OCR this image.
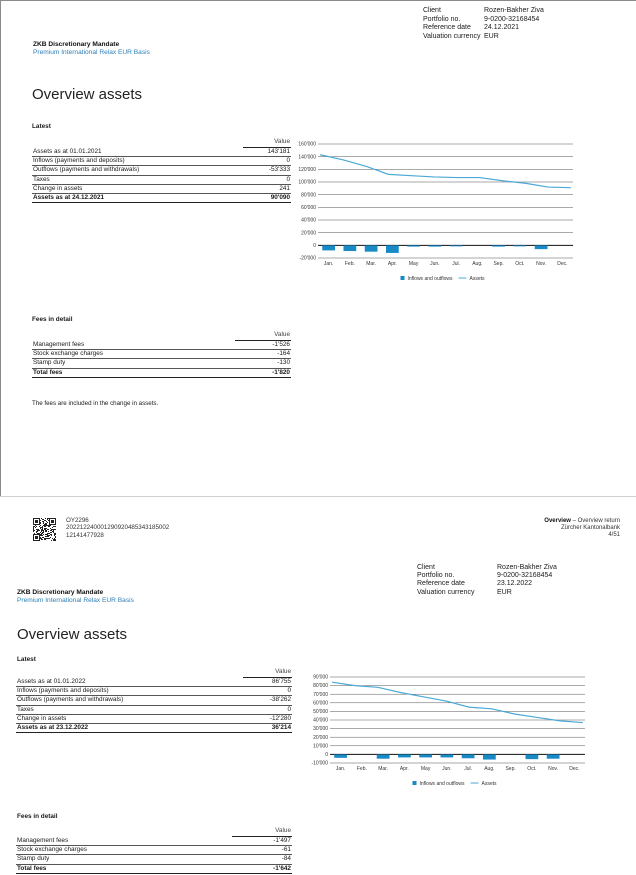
Client	Rozen-Bakher Ziva
Portfolio no.	9-0200-32168454
Reference date 24.12.2021
Valuation currency EUR
ZKB Discretionary Mandate
Premium International Relax EUR Basis
Overview assets
Latest
	Value
Assets as at 01.01.2021	143'181
Inflows (payments and deposits)	0
Outflows (payments and withdrawals)	-53'333
Taxes	0
Change in assets	241
Assets as at 24.12.2021	90'090
-20'000
0
20'000
40'000
60'000
80'000
100'000
120'000
140'000
160'000
Jan. Feb. Mar. Apr. May Jun.	Jul. Aug. Sep. Oct. Nov. Dec.
Inflows and outflows	Assets
Fees in detail
	Value
Management fees	-1'526
Stock exchange charges	-164
Stamp duty	-130
Total fees	-1'820
The fees are included in the change in assets.
OY2296
202212240001290920485343185002
12141477928
Overview – Overview return
Zürcher Kantonalbank
4/51
Client	Rozen-Bakher Ziva
Portfolio no.	9-0200-32168454
Reference date	23.12.2022
Valuation currency	EUR
ZKB Discretionary Mandate
Premium International Relax EUR Basis
Overview assets
Latest
	Value
Assets as at 01.01.2022	86'755
Inflows (payments and deposits)	0
Outflows (payments and withdrawals)	-38'262
Taxes	0
Change in assets	-12'280
Assets as at 23.12.2022	36'214
-10'000
0
10'000
20'000
30'000
40'000
50'000
60'000
70'000
80'000
90'000
Jan. Feb. Mar. Apr. May Jun.	Jul. Aug. Sep. Oct. Nov. Dec.
Inflows and outflows	Assets
Fees in detail
	Value
Management fees	-1'497
Stock exchange charges	-61
Stamp duty	-84
Total fees	-1'642
